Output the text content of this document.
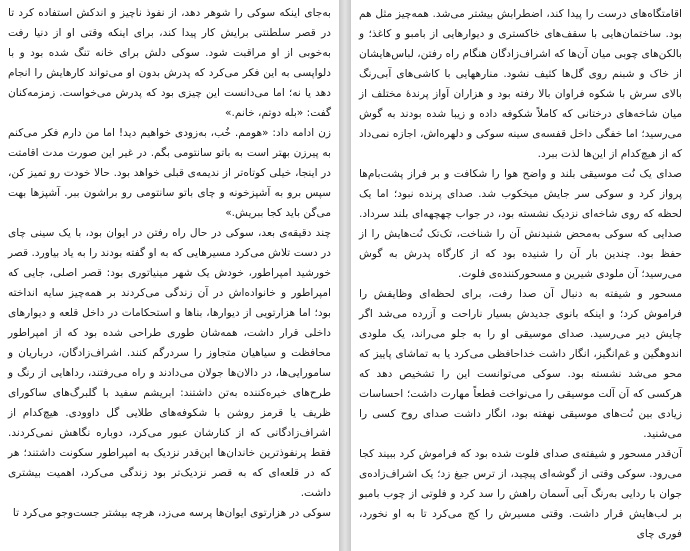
به‌جای اینکه سوکی را شوهر دهد، از نفوذ ناچیز و اندکش استفاده کرد تا در قصر سلطنتی برایش کار پیدا کند، برای اینکه وقتی او از دنیا رفت به‌خوبی از او مراقبت شود. سوکی دلش برای خانه تنگ شده بود و با دلواپسی به این فکر می‌کرد که پدرش بدون او می‌تواند کارهایش را انجام دهد یا نه؛ اما می‌دانست این چیزی بود که پدرش می‌خواست. زمزمه‌کنان گفت: «بله دوتم، خانم.»

زن ادامه داد: «هومم. خُب، به‌زودی خواهیم دید! اما من دارم فکر می‌کنم به پیرزن بهتر است به باتو سانتومی بگم. در غیر این صورت مدت اقامتت در اینجا، خیلی کوتاه‌تر از ندیمه‌ی قبلی خواهد بود. حالا خودت رو تمیز کن، سپس برو به آشپزخونه و چای باتو سانتومی رو براشون ببر. آشپزها بهت می‌گن باید کجا ببریش.»

چند دقیقه‌ی بعد، سوکی در حال راه رفتن در ایوان بود، با یک سینی چای در دست تلاش می‌کرد مسیرهایی که به او گفته بودند را به یاد بیاورد. قصر خورشید امپراطور، خودش یک شهر مینیاتوری بود: قصر اصلی، جایی که امپراطور و خانواده‌اش در آن زندگی می‌کردند بر همه‌چیز سایه انداخته بود؛ اما هزارتویی از دیوارها، بناها و استحکامات در داخل قلعه و دیوارهای داخلی قرار داشت، همه‌شان طوری طراحی شده بود که از امپراطور محافظت و سیاهیان متجاوز را سردرگم کنند. اشراف‌زادگان، درباریان و سامورایی‌ها، در دالان‌ها جولان می‌دادند و راه می‌رفتند، رداهایی از رنگ و طرح‌های خیره‌کننده به‌تن داشتند: ابریشم سفید با گلبرگ‌های ساکورای ظریف یا قرمز روشن با شکوفه‌های طلایی گل داوودی. هیچ‌کدام از اشراف‌زادگانی که از کنارشان عبور می‌کرد، دوباره نگاهش نمی‌کردند. فقط پرنفوذترین خاندان‌ها این‌قدر نزدیک به امپراطور سکونت داشتند؛ هر که در قلعه‌ای که به قصر نزدیک‌تر بود زندگی می‌کرد، اهمیت بیشتری داشت.

سوکی در هزارتوی ایوان‌ها پرسه می‌زد، هرچه بیشتر جست‌وجو می‌کرد تا

اقامتگاه‌های درست را پیدا کند، اضطرابش بیشتر می‌شد. همه‌چیز مثل هم بود. ساختمان‌هایی با سقف‌های خاکستری و دیوارهایی از بامبو و کاغذ؛ و بالکن‌های چوبی میان آن‌ها که اشراف‌زادگان هنگام راه رفتن، لباس‌هایشان از خاک و شبنم روی گل‌ها کثیف نشود. منارههایی با کاشی‌های آبی‌رنگ بالای سرش با شکوه فراوان بالا رفته بود و هزاران آواز پرندهٔ مختلف از میان شاخه‌های درختانی که کاملاً شکوفه داده و زیبا شده بودند به گوش می‌رسید؛ اما خفگی داخل قفسه‌ی سینه سوکی و دلهره‌اش، اجازه نمی‌داد که از هیچ‌کدام از این‌ها لذت ببرد.

صدای یک نُت موسیقی بلند و واضح هوا را شکافت و بر فراز پشت‌بام‌ها پرواز کرد و سوکی سر جایش میخکوب شد. صدای پرنده نبود؛ اما یک لحظه که روی شاخه‌ای نزدیک نشسته بود، در جواب چهچهه‌ای بلند سرداد. صدایی که سوکی به‌محض شنیدنش آن را شناخت، تک‌تک نُت‌هایش را از حفظ بود. چندین بار آن را شنیده بود که از کارگاه پدرش به گوش می‌رسید؛ آن ملودی شیرین و مسحورکننده‌ی فلوت.

مسحور و شیفته به دنبال آن صدا رفت، برای لحظه‌ای وظایفش را فراموش کرد؛ و اینکه بانوی جدیدش بسیار ناراحت و آزرده می‌شد اگر چایش دیر می‌رسید. صدای موسیقی او را به جلو می‌راند، یک ملودی اندوهگین و غم‌انگیز، انگار داشت خداحافظی می‌کرد یا به تماشای پاییز که محو می‌شد نشسته بود. سوکی می‌توانست این را تشخیص دهد که هرکسی که آن آلت موسیقی را می‌نواخت قطعاً مهارت داشت؛ احساسات زیادی بین نُت‌های موسیقی نهفته بود، انگار داشت صدای روح کسی را می‌شنید.

آن‌قدر مسحور و شیفته‌ی صدای فلوت شده بود که فراموش کرد ببیند کجا می‌رود. سوکی وقتی از گوشه‌ای پیچید، از ترس جیغ زد؛ یک اشراف‌زاده‌ی جوان با ردایی به‌رنگ آبی آسمان راهش را سد کرد و فلوتی از چوب بامبو بر لب‌هایش قرار داشت. وقتی مسیرش را کج می‌کرد تا به او نخورد، فوری چای
